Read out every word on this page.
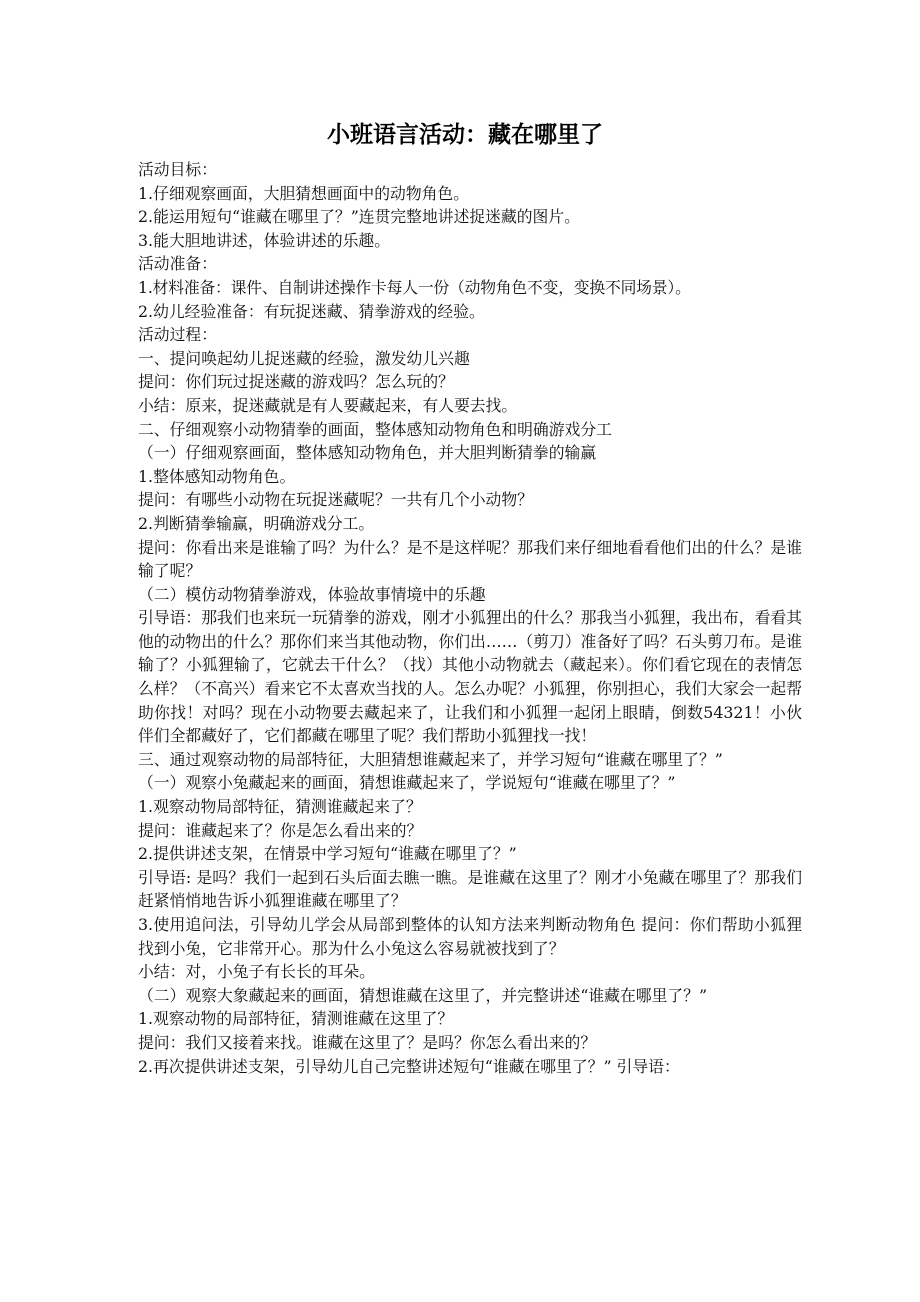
小班语言活动：藏在哪里了

活动目标：

1.仔细观察画面，大胆猜想画面中的动物角色。

2.能运用短句“谁藏在哪里了？”连贯完整地讲述捉迷藏的图片。

3.能大胆地讲述，体验讲述的乐趣。

活动准备：

1.材料准备：课件、自制讲述操作卡每人一份（动物角色不变，变换不同场景）。

2.幼儿经验准备：有玩捉迷藏、猜拳游戏的经验。

活动过程：

一、提问唤起幼儿捉迷藏的经验，激发幼儿兴趣

提问：你们玩过捉迷藏的游戏吗？怎么玩的？

小结：原来，捉迷藏就是有人要藏起来，有人要去找。

二、仔细观察小动物猜拳的画面，整体感知动物角色和明确游戏分工

（一）仔细观察画面，整体感知动物角色，并大胆判断猜拳的输赢

1.整体感知动物角色。

提问：有哪些小动物在玩捉迷藏呢？一共有几个小动物？

2.判断猜拳输赢，明确游戏分工。

提问：你看出来是谁输了吗？为什么？是不是这样呢？那我们来仔细地看看他们出的什么？是谁输了呢？

（二）模仿动物猜拳游戏，体验故事情境中的乐趣

引导语：那我们也来玩一玩猜拳的游戏，刚才小狐狸出的什么？那我当小狐狸，我出布，看看其他的动物出的什么？那你们来当其他动物，你们出……（剪刀）准备好了吗？石头剪刀布。是谁输了？小狐狸输了，它就去干什么？（找）其他小动物就去（藏起来）。你们看它现在的表情怎么样？（不高兴）看来它不太喜欢当找的人。怎么办呢？小狐狸，你别担心，我们大家会一起帮助你找！对吗？现在小动物要去藏起来了，让我们和小狐狸一起闭上眼睛，倒数54321！小伙伴们全都藏好了，它们都藏在哪里了呢？我们帮助小狐狸找一找！

三、通过观察动物的局部特征，大胆猜想谁藏起来了，并学习短句“谁藏在哪里了？”

（一）观察小兔藏起来的画面，猜想谁藏起来了，学说短句“谁藏在哪里了？”

1.观察动物局部特征，猜测谁藏起来了？

提问：谁藏起来了？你是怎么看出来的？

2.提供讲述支架，在情景中学习短句“谁藏在哪里了？”

引导语: 是吗？我们一起到石头后面去瞧一瞧。是谁藏在这里了？刚才小兔藏在哪里了？那我们赶紧悄悄地告诉小狐狸谁藏在哪里了？

3.使用追问法，引导幼儿学会从局部到整体的认知方法来判断动物角色 提问：你们帮助小狐狸找到小兔，它非常开心。那为什么小兔这么容易就被找到了？

小结：对，小兔子有长长的耳朵。

（二）观察大象藏起来的画面，猜想谁藏在这里了，并完整讲述“谁藏在哪里了？”

1.观察动物的局部特征，猜测谁藏在这里了？

提问：我们又接着来找。谁藏在这里了？是吗？你怎么看出来的？

2.再次提供讲述支架，引导幼儿自己完整讲述短句“谁藏在哪里了？” 引导语：
